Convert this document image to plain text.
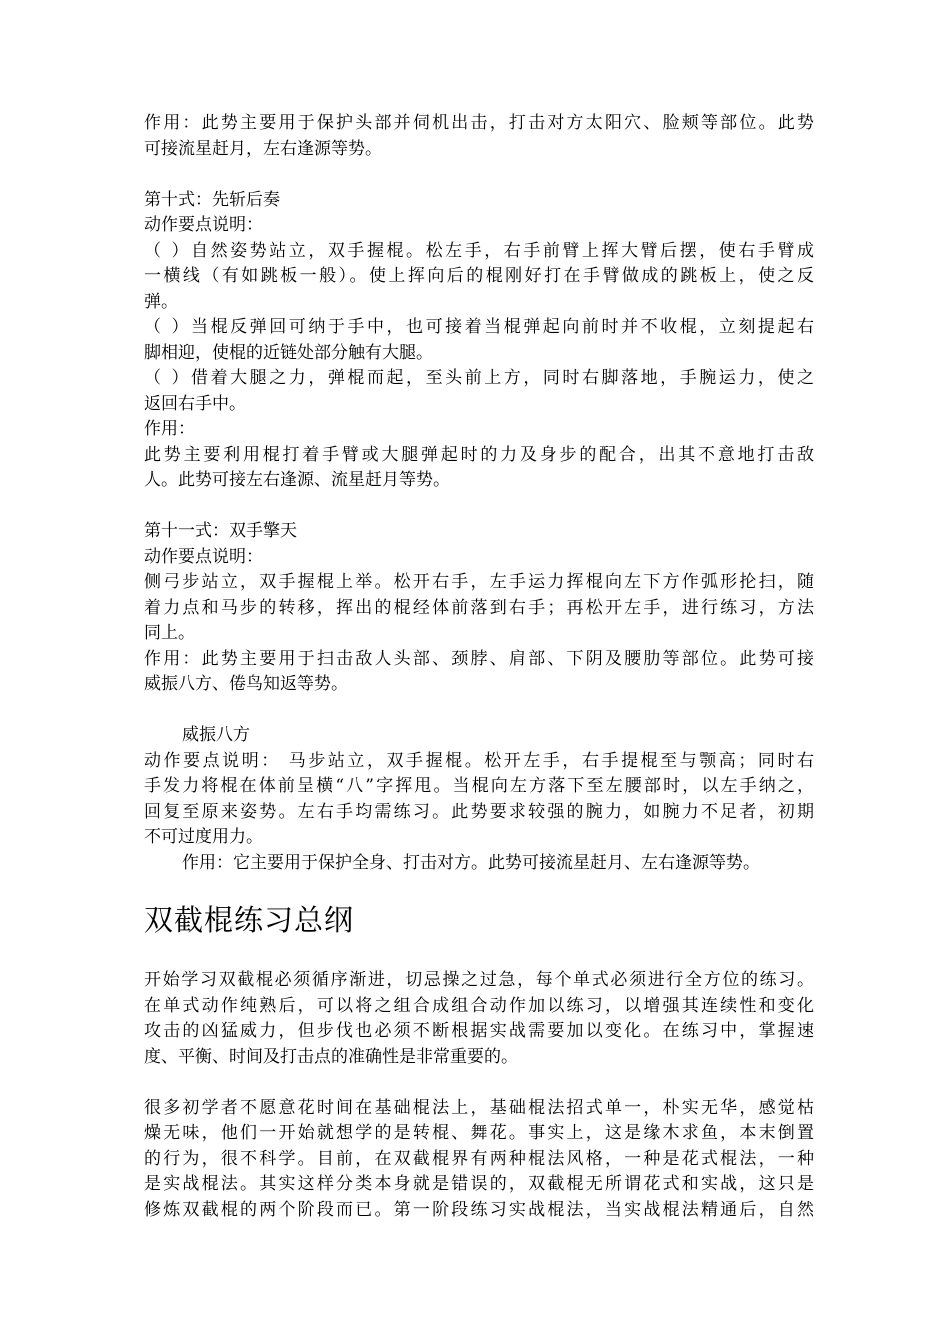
作用：此势主要用于保护头部并伺机出击，打击对方太阳穴、脸颊等部位。此势
可接流星赶月，左右逢源等势。
第十式：先斩后奏
动作要点说明：
（ ）自然姿势站立，双手握棍。松左手，右手前臂上挥大臂后摆，使右手臂成
一横线（有如跳板一般）。使上挥向后的棍刚好打在手臂做成的跳板上，使之反
弹。
（ ）当棍反弹回可纳于手中，也可接着当棍弹起向前时并不收棍，立刻提起右
脚相迎，使棍的近链处部分触有大腿。
（ ）借着大腿之力，弹棍而起，至头前上方，同时右脚落地，手腕运力，使之
返回右手中。
作用：
此势主要利用棍打着手臂或大腿弹起时的力及身步的配合，出其不意地打击敌
人。此势可接左右逢源、流星赶月等势。
第十一式：双手擎天
动作要点说明：
侧弓步站立，双手握棍上举。松开右手，左手运力挥棍向左下方作弧形抡扫，随
着力点和马步的转移，挥出的棍经体前落到右手；再松开左手，进行练习，方法
同上。
作用：此势主要用于扫击敌人头部、颈脖、肩部、下阴及腰肋等部位。此势可接
威振八方、倦鸟知返等势。
威振八方
动作要点说明： 马步站立，双手握棍。松开左手，右手提棍至与颚高；同时右
手发力将棍在体前呈横“八”字挥甩。当棍向左方落下至左腰部时，以左手纳之，
回复至原来姿势。左右手均需练习。此势要求较强的腕力，如腕力不足者，初期
不可过度用力。
作用：它主要用于保护全身、打击对方。此势可接流星赶月、左右逢源等势。
双截棍练习总纲
开始学习双截棍必须循序渐进，切忌操之过急，每个单式必须进行全方位的练习。
在单式动作纯熟后，可以将之组合成组合动作加以练习，以增强其连续性和变化
攻击的凶猛威力，但步伐也必须不断根据实战需要加以变化。在练习中，掌握速
度、平衡、时间及打击点的准确性是非常重要的。
很多初学者不愿意花时间在基础棍法上，基础棍法招式单一，朴实无华，感觉枯
燥无味，他们一开始就想学的是转棍、舞花。事实上，这是缘木求鱼，本末倒置
的行为，很不科学。目前，在双截棍界有两种棍法风格，一种是花式棍法，一种
是实战棍法。其实这样分类本身就是错误的，双截棍无所谓花式和实战，这只是
修炼双截棍的两个阶段而已。第一阶段练习实战棍法，当实战棍法精通后，自然
